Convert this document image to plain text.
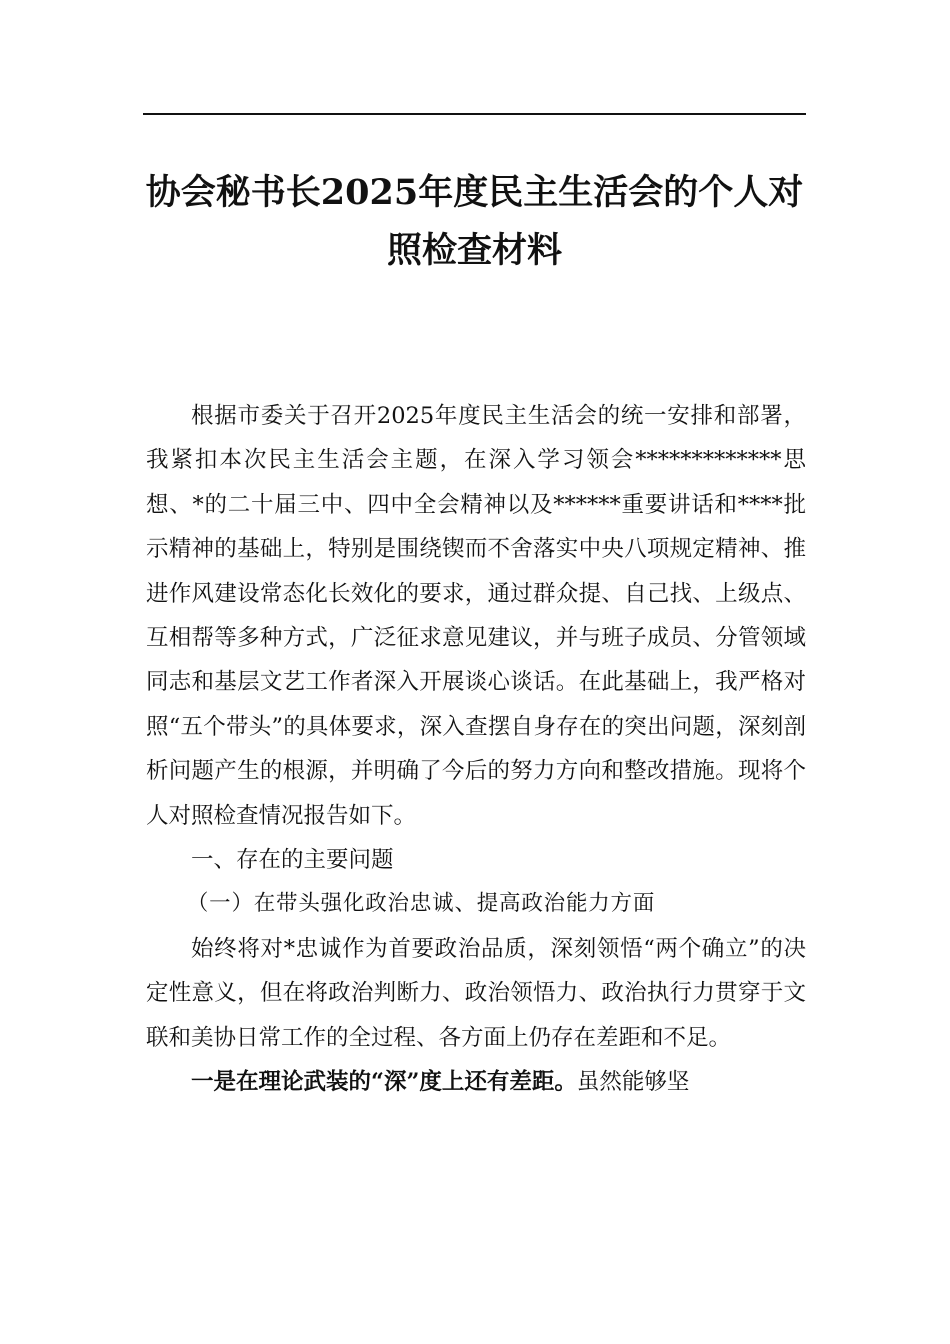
协会秘书长2025年度民主生活会的个人对照检查材料

根据市委关于召开2025年度民主生活会的统一安排和部署，我紧扣本次民主生活会主题，在深入学习领会*************思想、*的二十届三中、四中全会精神以及******重要讲话和****批示精神的基础上，特别是围绕锲而不舍落实中央八项规定精神、推进作风建设常态化长效化的要求，通过群众提、自己找、上级点、互相帮等多种方式，广泛征求意见建议，并与班子成员、分管领域同志和基层文艺工作者深入开展谈心谈话。在此基础上，我严格对照“五个带头”的具体要求，深入查摆自身存在的突出问题，深刻剖析问题产生的根源，并明确了今后的努力方向和整改措施。现将个人对照检查情况报告如下。

一、存在的主要问题

（一）在带头强化政治忠诚、提高政治能力方面

始终将对*忠诚作为首要政治品质，深刻领悟“两个确立”的决定性意义，但在将政治判断力、政治领悟力、政治执行力贯穿于文联和美协日常工作的全过程、各方面上仍存在差距和不足。

一是在理论武装的“深”度上还有差距。虽然能够坚
